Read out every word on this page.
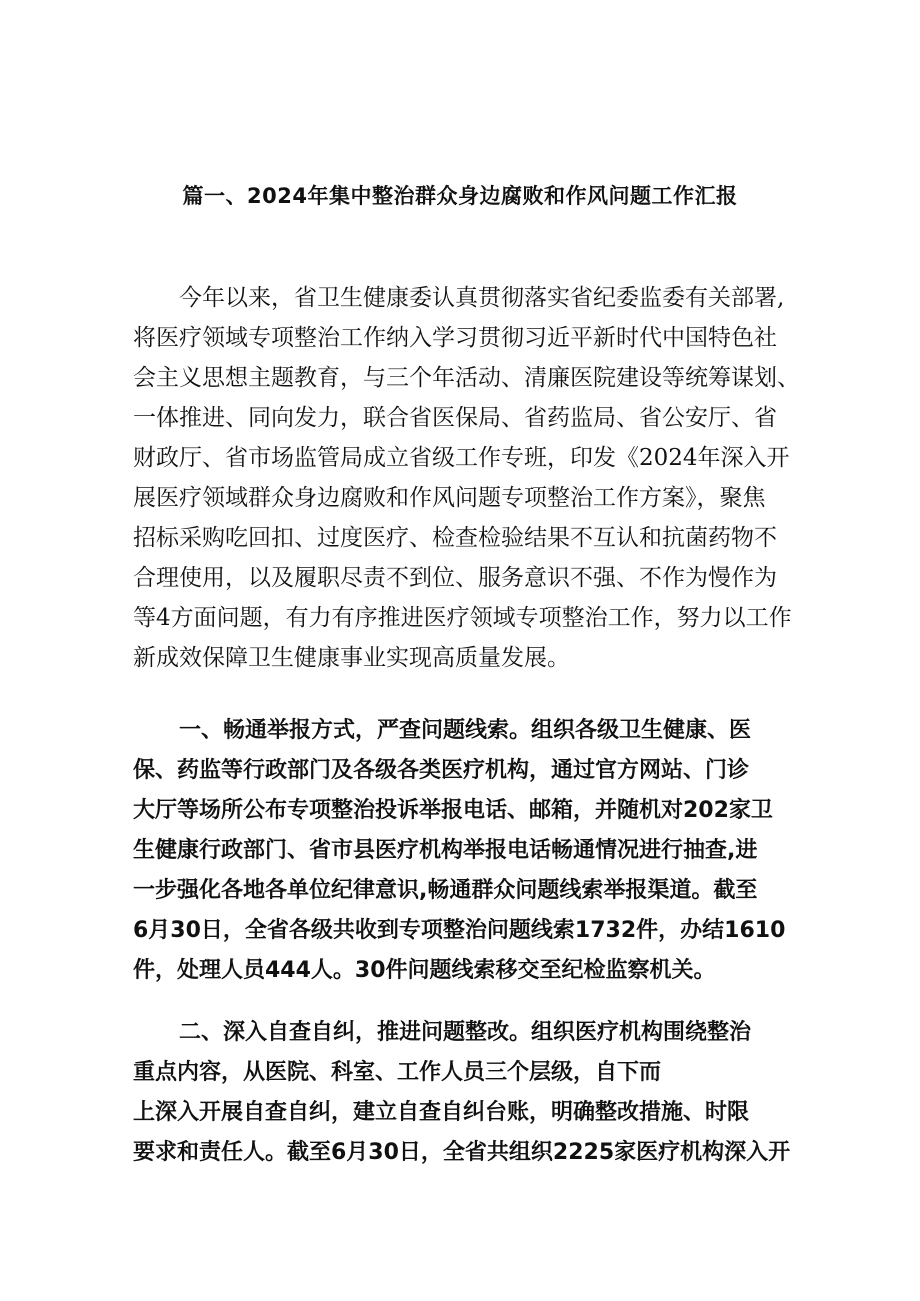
篇一、2024年集中整治群众身边腐败和作风问题工作汇报
今年以来，省卫生健康委认真贯彻落实省纪委监委有关部署,
将医疗领域专项整治工作纳入学习贯彻习近平新时代中国特色社
会主义思想主题教育，与三个年活动、清廉医院建设等统筹谋划、
一体推进、同向发力，联合省医保局、省药监局、省公安厅、省
财政厅、省市场监管局成立省级工作专班，印发《2024年深入开
展医疗领域群众身边腐败和作风问题专项整治工作方案》，聚焦
招标采购吃回扣、过度医疗、检查检验结果不互认和抗菌药物不
合理使用，以及履职尽责不到位、服务意识不强、不作为慢作为
等4方面问题，有力有序推进医疗领域专项整治工作，努力以工作
新成效保障卫生健康事业实现高质量发展。
一、畅通举报方式，严查问题线索。组织各级卫生健康、医
保、药监等行政部门及各级各类医疗机构，通过官方网站、门诊
大厅等场所公布专项整治投诉举报电话、邮箱，并随机对202家卫
生健康行政部门、省市县医疗机构举报电话畅通情况进行抽查,进
一步强化各地各单位纪律意识,畅通群众问题线索举报渠道。截至
6月30日，全省各级共收到专项整治问题线索1732件，办结1610
件，处理人员444人。30件问题线索移交至纪检监察机关。
二、深入自查自纠，推进问题整改。组织医疗机构围绕整治
重点内容，从医院、科室、工作人员三个层级，自下而
上深入开展自查自纠，建立自查自纠台账，明确整改措施、时限
要求和责任人。截至6月30日，全省共组织2225家医疗机构深入开
